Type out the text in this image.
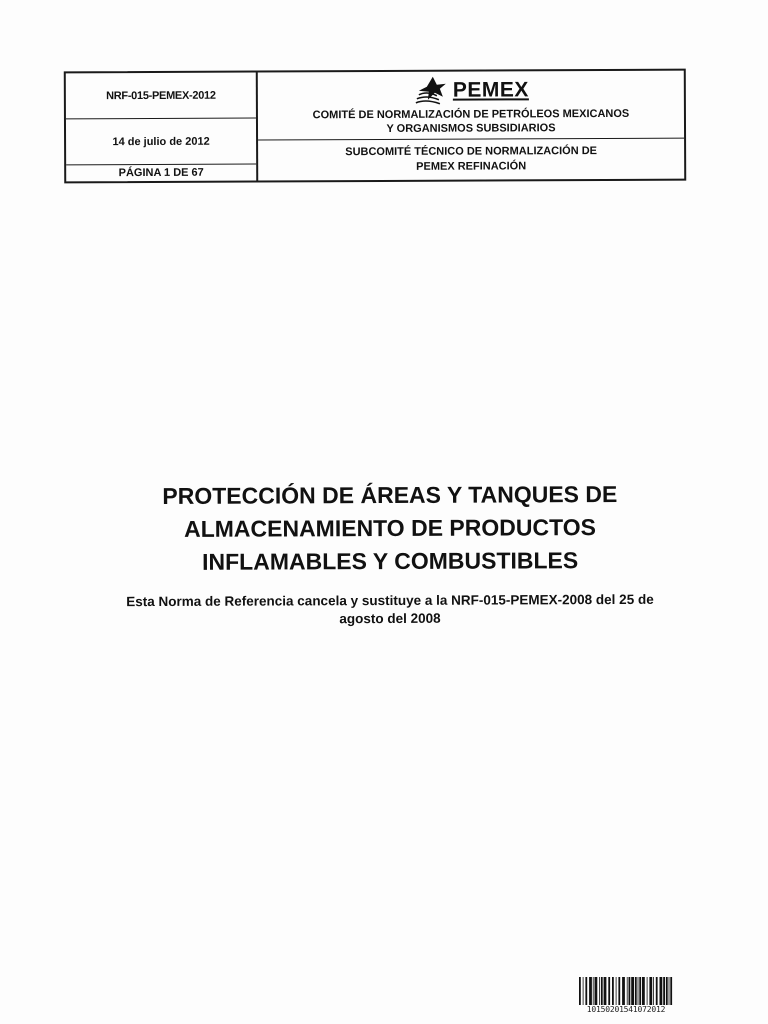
NRF-015-PEMEX-2012
14 de julio de 2012
PÁGINA 1 DE 67
PEMEX
COMITÉ DE NORMALIZACIÓN DE PETRÓLEOS MEXICANOS
Y ORGANISMOS SUBSIDIARIOS
SUBCOMITÉ TÉCNICO DE NORMALIZACIÓN DE
PEMEX REFINACIÓN
PROTECCIÓN DE ÁREAS Y TANQUES DE
ALMACENAMIENTO DE PRODUCTOS
INFLAMABLES Y COMBUSTIBLES
Esta Norma de Referencia cancela y sustituye a la NRF-015-PEMEX-2008 del 25 de
agosto del 2008
10150201541072012
